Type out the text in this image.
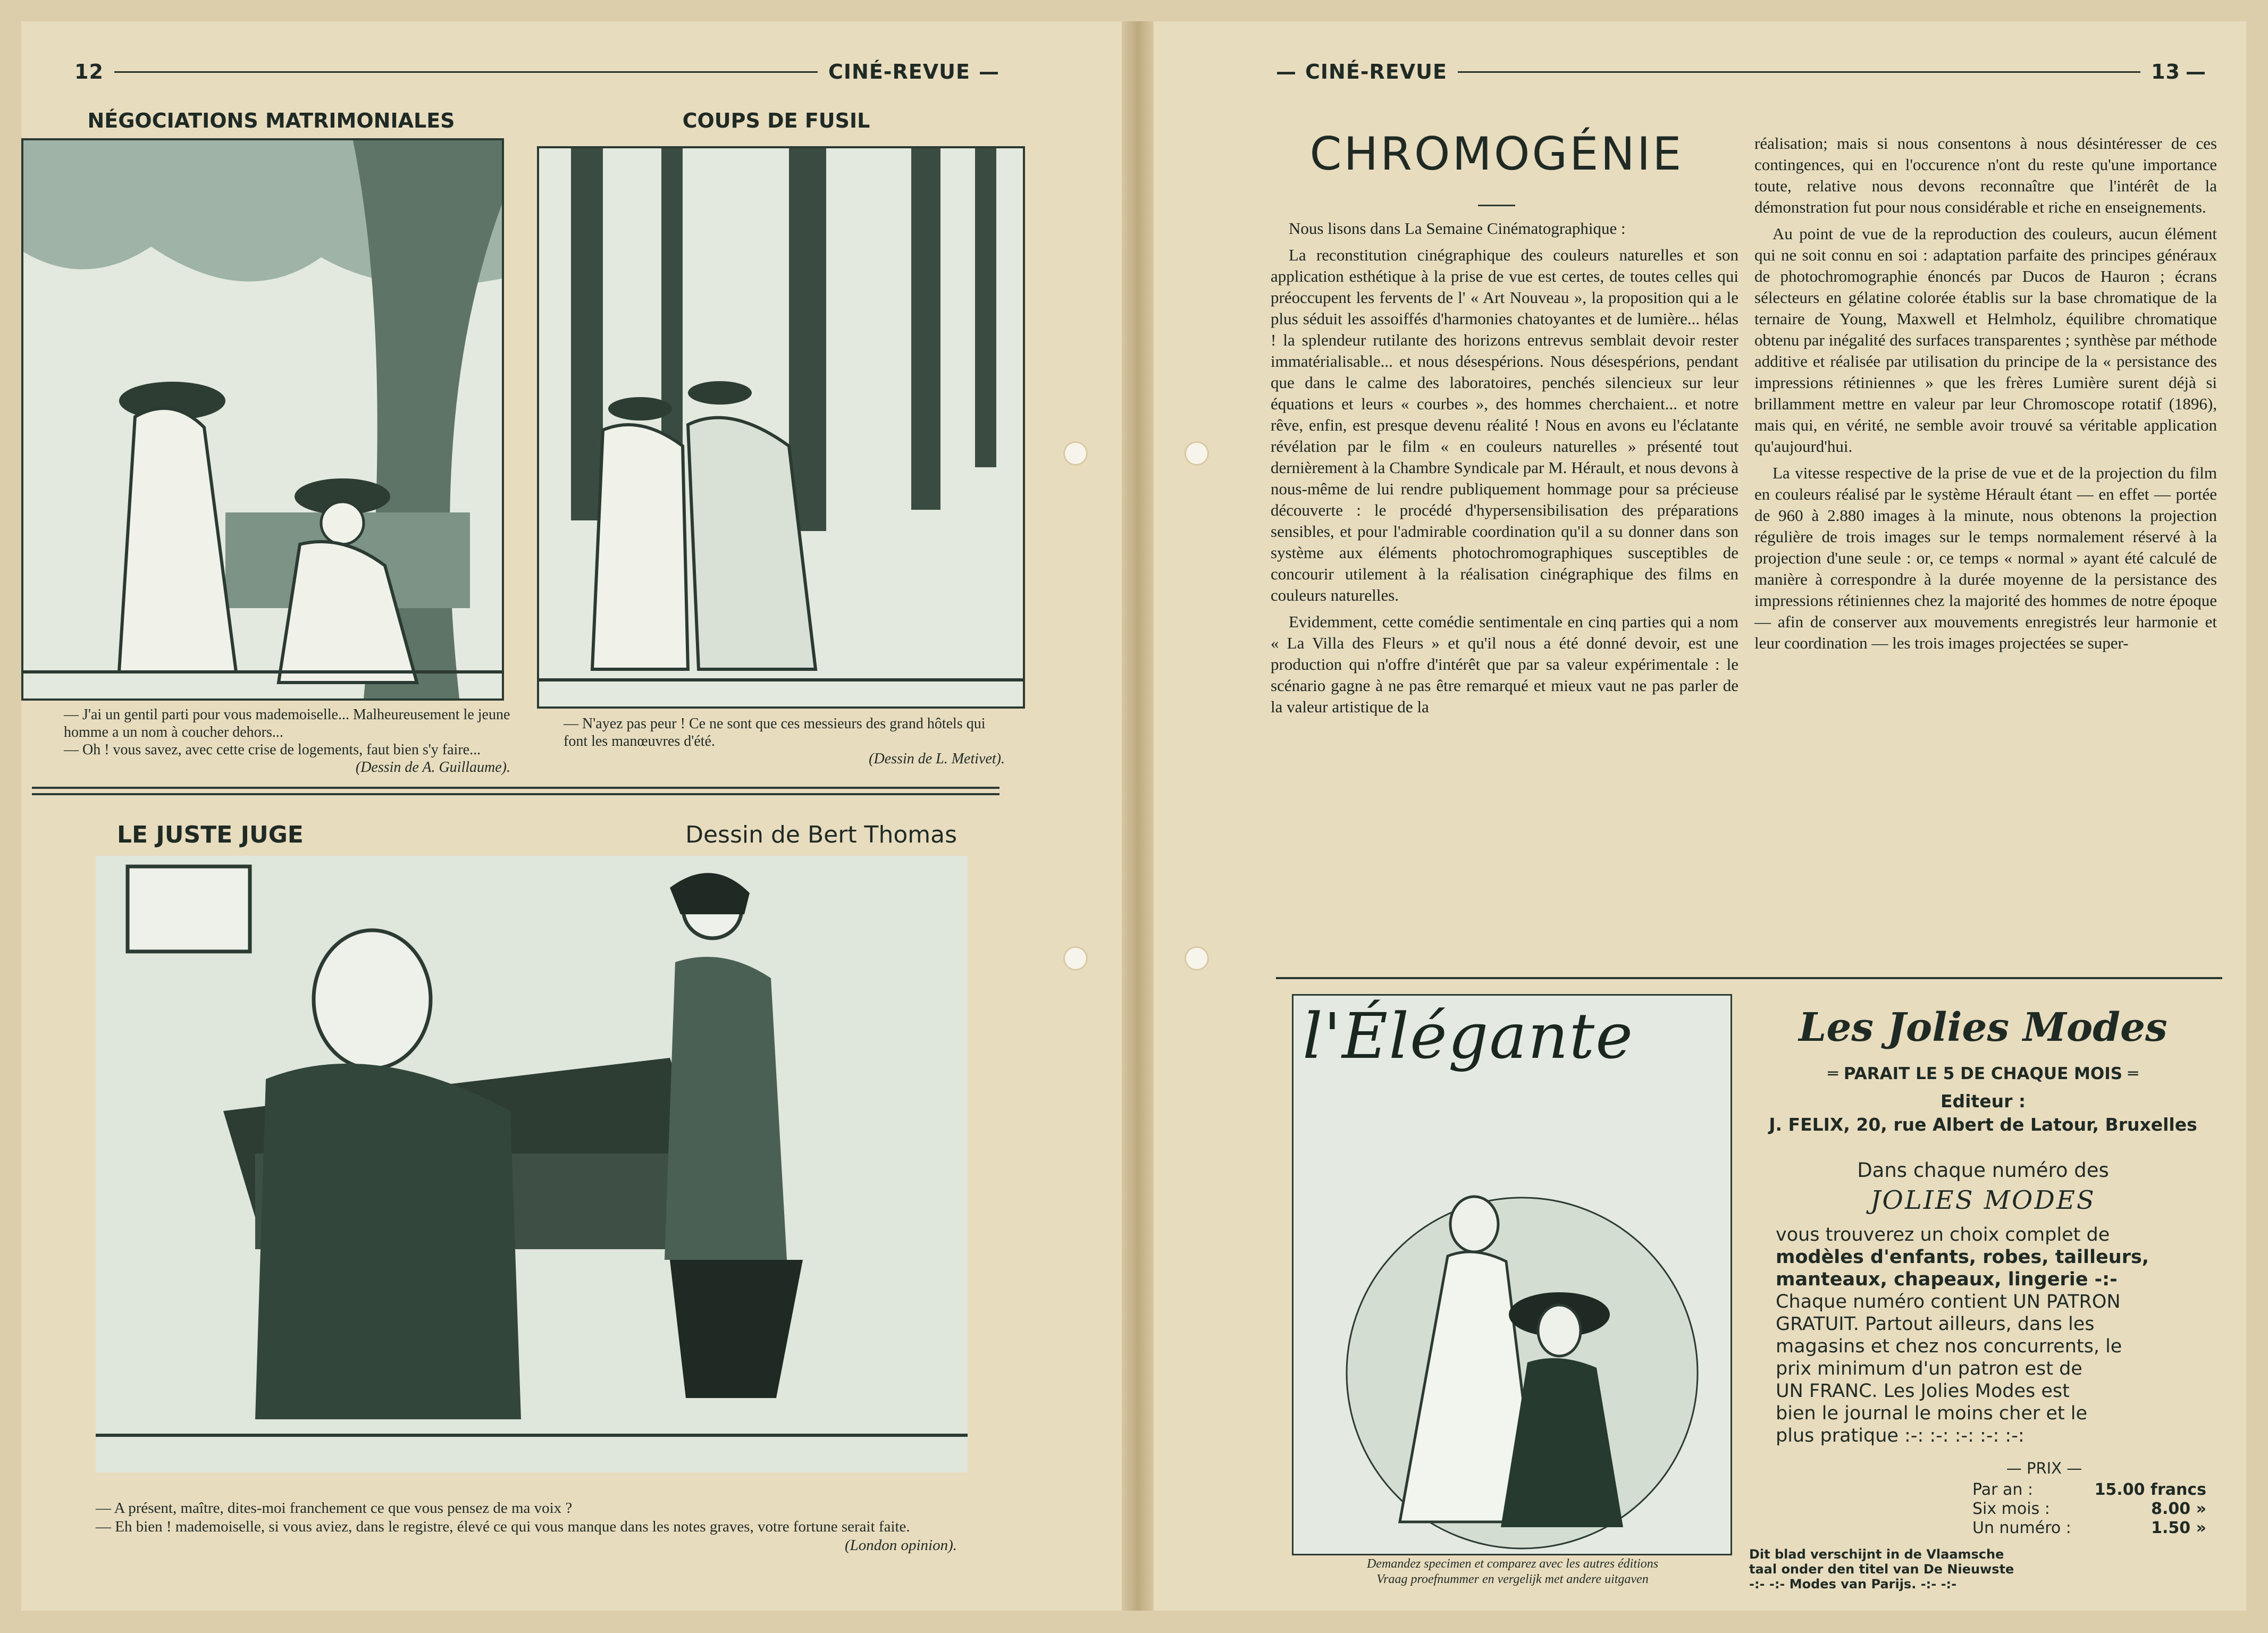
12	CINÉ-REVUE —
NÉGOCIATIONS MATRIMONIALES

— J'ai un gentil parti pour vous mademoiselle... Malheureusement le jeune homme a un nom à coucher dehors...

— Oh ! vous savez, avec cette crise de logements, faut bien s'y faire...

(Dessin de A. Guillaume).

COUPS DE FUSIL

— N'ayez pas peur ! Ce ne sont que ces messieurs des grand hôtels qui font les manœuvres d'été.

(Dessin de L. Metivet).

LE JUSTE JUGE	Dessin de Bert Thomas

— A présent, maître, dites-moi franchement ce que vous pensez de ma voix ?

— Eh bien ! mademoiselle, si vous aviez, dans le registre, élevé ce qui vous manque dans les notes graves, votre fortune serait faite.

(London opinion).

— CINÉ-REVUE	13 —
CHROMOGÉNIE

Nous lisons dans La Semaine Cinématographique :

La reconstitution cinégraphique des couleurs naturelles et son application esthétique à la prise de vue est certes, de toutes celles qui préoccupent les fervents de l' « Art Nouveau », la proposition qui a le plus séduit les assoiffés d'harmonies chatoyantes et de lumière... hélas ! la splendeur rutilante des horizons entrevus semblait devoir rester immatérialisable... et nous désespérions. Nous désespérions, pendant que dans le calme des laboratoires, penchés silencieux sur leur équations et leurs « courbes », des hommes cherchaient... et notre rêve, enfin, est presque devenu réalité ! Nous en avons eu l'éclatante révélation par le film « en couleurs naturelles » présenté tout dernièrement à la Chambre Syndicale par M. Hérault, et nous devons à nous-même de lui rendre publiquement hommage pour sa précieuse découverte : le procédé d'hypersensibilisation des préparations sensibles, et pour l'admirable coordination qu'il a su donner dans son système aux éléments photochromographiques susceptibles de concourir utilement à la réalisation cinégraphique des films en couleurs naturelles.

Evidemment, cette comédie sentimentale en cinq parties qui a nom « La Villa des Fleurs » et qu'il nous a été donné devoir, est une production qui n'offre d'intérêt que par sa valeur expérimentale : le scénario gagne à ne pas être remarqué et mieux vaut ne pas parler de la valeur artistique de la

réalisation; mais si nous consentons à nous désintéresser de ces contingences, qui en l'occurence n'ont du reste qu'une importance toute, relative nous devons reconnaître que l'intérêt de la démonstration fut pour nous considérable et riche en enseignements.

Au point de vue de la reproduction des couleurs, aucun élément qui ne soit connu en soi : adaptation parfaite des principes généraux de photochromographie énoncés par Ducos de Hauron ; écrans sélecteurs en gélatine colorée établis sur la base chromatique de la ternaire de Young, Maxwell et Helmholz, équilibre chromatique obtenu par inégalité des surfaces transparentes ; synthèse par méthode additive et réalisée par utilisation du principe de la « persistance des impressions rétiniennes » que les frères Lumière surent déjà si brillamment mettre en valeur par leur Chromoscope rotatif (1896), mais qui, en vérité, ne semble avoir trouvé sa véritable application qu'aujourd'hui.

La vitesse respective de la prise de vue et de la projection du film en couleurs réalisé par le système Hérault étant — en effet — portée de 960 à 2.880 images à la minute, nous obtenons la projection régulière de trois images sur le temps normalement réservé à la projection d'une seule : or, ce temps « normal » ayant été calculé de manière à correspondre à la durée moyenne de la persistance des impressions rétiniennes chez la majorité des hommes de notre époque — afin de conserver aux mouvements enregistrés leur harmonie et leur coordination — les trois images projectées se super-

l'Élégante
Demandez specimen et comparez avec les autres éditions
Vraag proefnummer en vergelijk met andere uitgaven
Les Jolies Modes
═ PARAIT LE 5 DE CHAQUE MOIS ═
Editeur :
J. FELIX, 20, rue Albert de Latour, Bruxelles
Dans chaque numéro des
JOLIES MODES
vous trouverez un choix complet de
modèles d'enfants, robes, tailleurs,
manteaux, chapeaux, lingerie -:-
Chaque numéro contient UN PATRON
GRATUIT. Partout ailleurs, dans les
magasins et chez nos concurrents, le
prix minimum d'un patron est de
UN FRANC. Les Jolies Modes est
bien le journal le moins cher et le
plus pratique :-: :-: :-: :-: :-:
— PRIX —
Par an :	15.00 francs
Six mois :	8.00 »
Un numéro :	1.50 »
Dit blad verschijnt in de Vlaamsche
taal onder den titel van De Nieuwste
-:- -:- Modes van Parijs. -:- -:-
